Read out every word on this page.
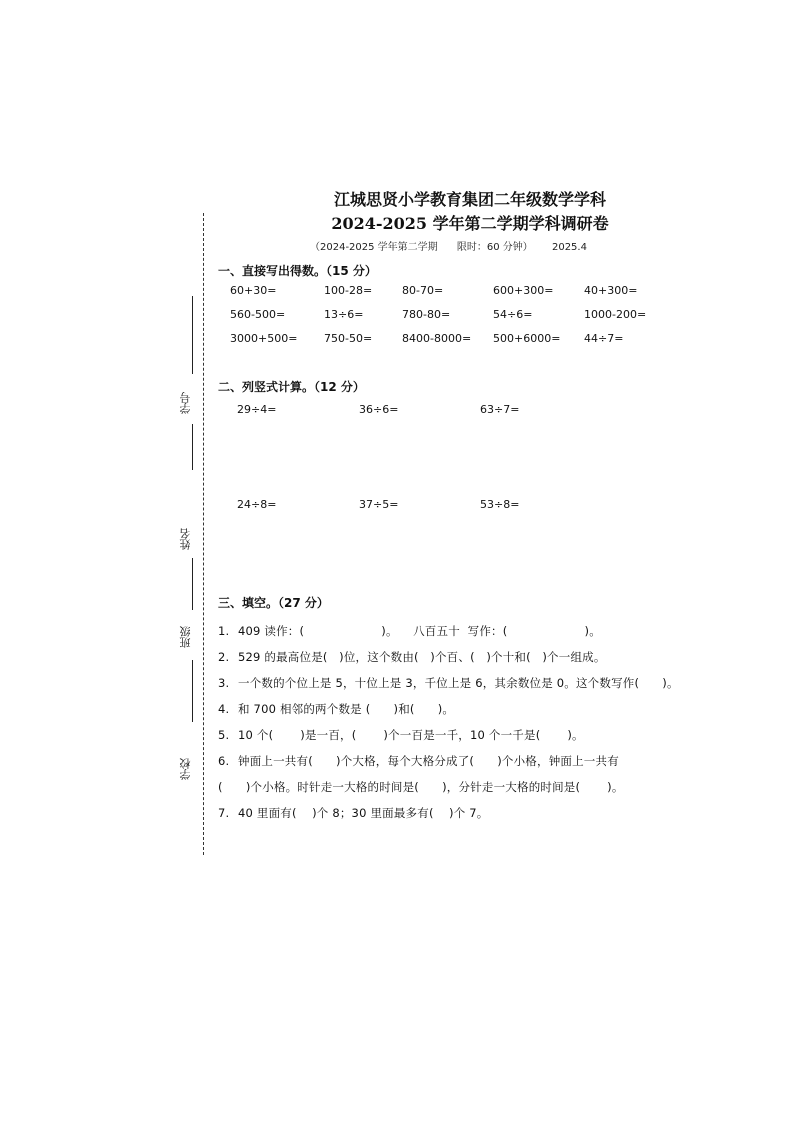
学号
姓名
班级
学校
江城思贤小学教育集团二年级数学学科
2024-2025 学年第二学期学科调研卷
（2024-2025 学年第二学期 限时：60 分钟） 2025.4
一、直接写出得数。（15 分）
60+30=	100-28=	80-70=	600+300=	40+300=
560-500=	13÷6=	780-80=	54÷6=	1000-200=
3000+500= 750-50=	8400-8000= 500+6000= 44÷7=
二、列竖式计算。（12 分）
29÷4=	36÷6=	63÷7=
24÷8=	37÷5=	53÷8=
三、填空。（27 分）
1. 409 读作：(                    )。    八百五十  写作：(                    )。
2. 529 的最高位是(   )位，这个数由(   )个百、(   )个十和(   )个一组成。
3. 一个数的个位上是 5，十位上是 3，千位上是 6，其余数位是 0。这个数写作(      )。
4. 和 700 相邻的两个数是 (      )和(      )。
5. 10 个(       )是一百，(       )个一百是一千，10 个一千是(       )。
6. 钟面上一共有(      )个大格，每个大格分成了(      )个小格，钟面上一共有
(      )个小格。时针走一大格的时间是(      )，分针走一大格的时间是(       )。
7. 40 里面有(    )个 8；30 里面最多有(    )个 7。
